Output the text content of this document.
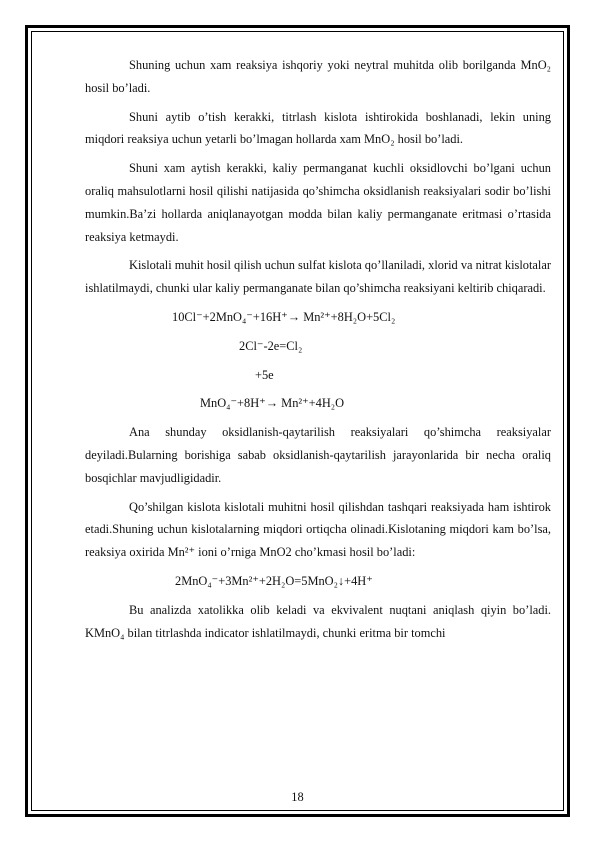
Shuning uchun xam reaksiya ishqoriy yoki neytral muhitda olib borilganda MnO₂ hosil bo’ladi.

Shuni aytib o’tish kerakki, titrlash kislota ishtirokida boshlanadi, lekin uning miqdori reaksiya uchun yetarli bo’lmagan hollarda xam MnO₂ hosil bo’ladi.

Shuni xam aytish kerakki, kaliy permanganat kuchli oksidlovchi bo’lgani uchun oraliq mahsulotlarni hosil qilishi natijasida qo’shimcha oksidlanish reaksiyalari sodir bo’lishi mumkin.Ba’zi hollarda aniqlanayotgan modda bilan kaliy permanganate eritmasi o’rtasida reaksiya ketmaydi.

Kislotali muhit hosil qilish uchun sulfat kislota qo’llaniladi, xlorid va nitrat kislotalar ishlatilmaydi, chunki ular kaliy permanganate bilan qo’shimcha reaksiyani keltirib chiqaradi.

10Cl⁻+2MnO₄⁻+16H⁺→ Mn²⁺+8H₂O+5Cl₂
2Cl⁻-2e=Cl₂
+5e
MnO₄⁻+8H⁺→ Mn²⁺+4H₂O

Ana shunday oksidlanish-qaytarilish reaksiyalari qo’shimcha reaksiyalar deyiladi.Bularning borishiga sabab oksidlanish-qaytarilish jarayonlarida bir necha oraliq bosqichlar mavjudligidadir.

Qo’shilgan kislota kislotali muhitni hosil qilishdan tashqari reaksiyada ham ishtirok etadi.Shuning uchun kislotalarning miqdori ortiqcha olinadi.Kislotaning miqdori kam bo’lsa, reaksiya oxirida Mn²⁺ ioni o’rniga MnO2 cho’kmasi hosil bo’ladi:

2MnO₄⁻+3Mn²⁺+2H₂O=5MnO₂↓+4H⁺

Bu analizda xatolikka olib keladi va ekvivalent nuqtani aniqlash qiyin bo’ladi. KMnO₄ bilan titrlashda indicator ishlatilmaydi, chunki eritma bir tomchi

18
